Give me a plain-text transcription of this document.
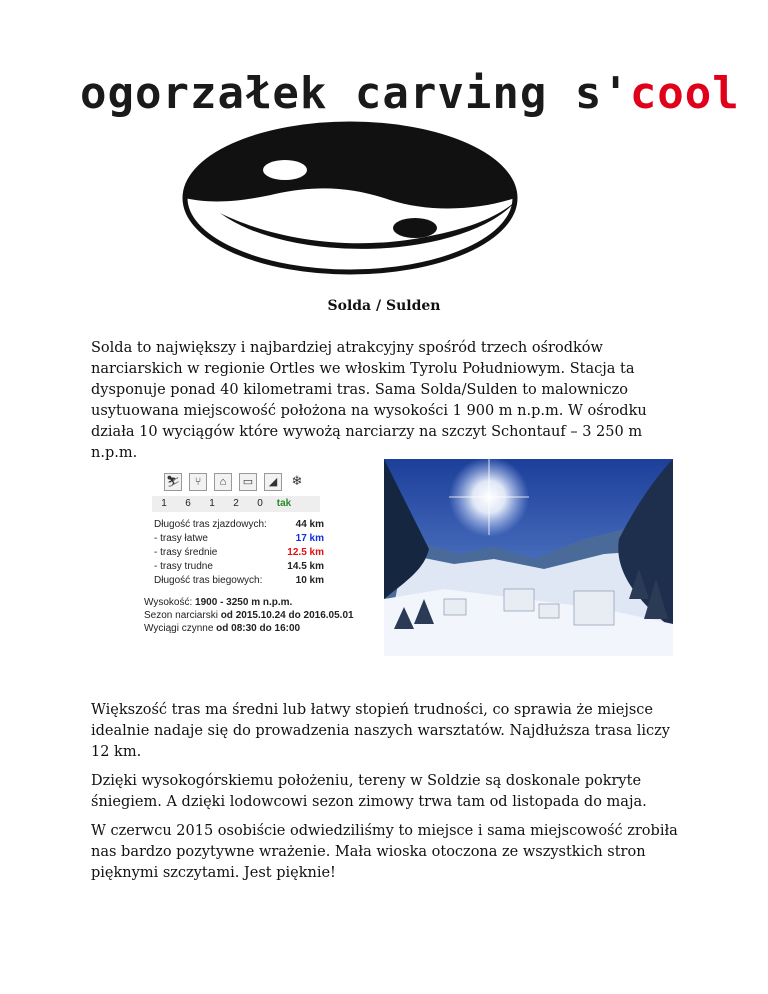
ogorzałek carving s'cool
Solda / Sulden

Solda to największy i najbardziej atrakcyjny spośród trzech ośrodków narciarskich w regionie Ortles we włoskim Tyrolu Południowym. Stacja ta dysponuje ponad 40 kilometrami tras. Sama Solda/Sulden to malowniczo usytuowana miejscowość położona na wysokości 1 900 m n.p.m. W ośrodku działa 10 wyciągów które wywożą narciarzy na szczyt Schontauf – 3 250 m n.p.m.

⛷	⑂	⌂	▭	◢	❄
1	6	1	2	0	tak
Długość tras zjazdowych:	44 km
- trasy łatwe	17 km
- trasy średnie	12.5 km
- trasy trudne	14.5 km
Długość tras biegowych:	10 km
Wysokość: 1900 - 3250 m n.p.m.
Sezon narciarski od 2015.10.24 do 2016.05.01
Wyciągi czynne od 08:30 do 16:00

Większość tras ma średni lub łatwy stopień trudności, co sprawia że miejsce idealnie nadaje się do prowadzenia naszych warsztatów. Najdłuższa trasa liczy 12 km.

Dzięki wysokogórskiemu położeniu, tereny w Soldzie są doskonale pokryte śniegiem. A dzięki lodowcowi sezon zimowy trwa tam od listopada do maja.

W czerwcu 2015 osobiście odwiedziliśmy to miejsce i sama miejscowość zrobiła nas bardzo pozytywne wrażenie. Mała wioska otoczona ze wszystkich stron pięknymi szczytami. Jest pięknie!
